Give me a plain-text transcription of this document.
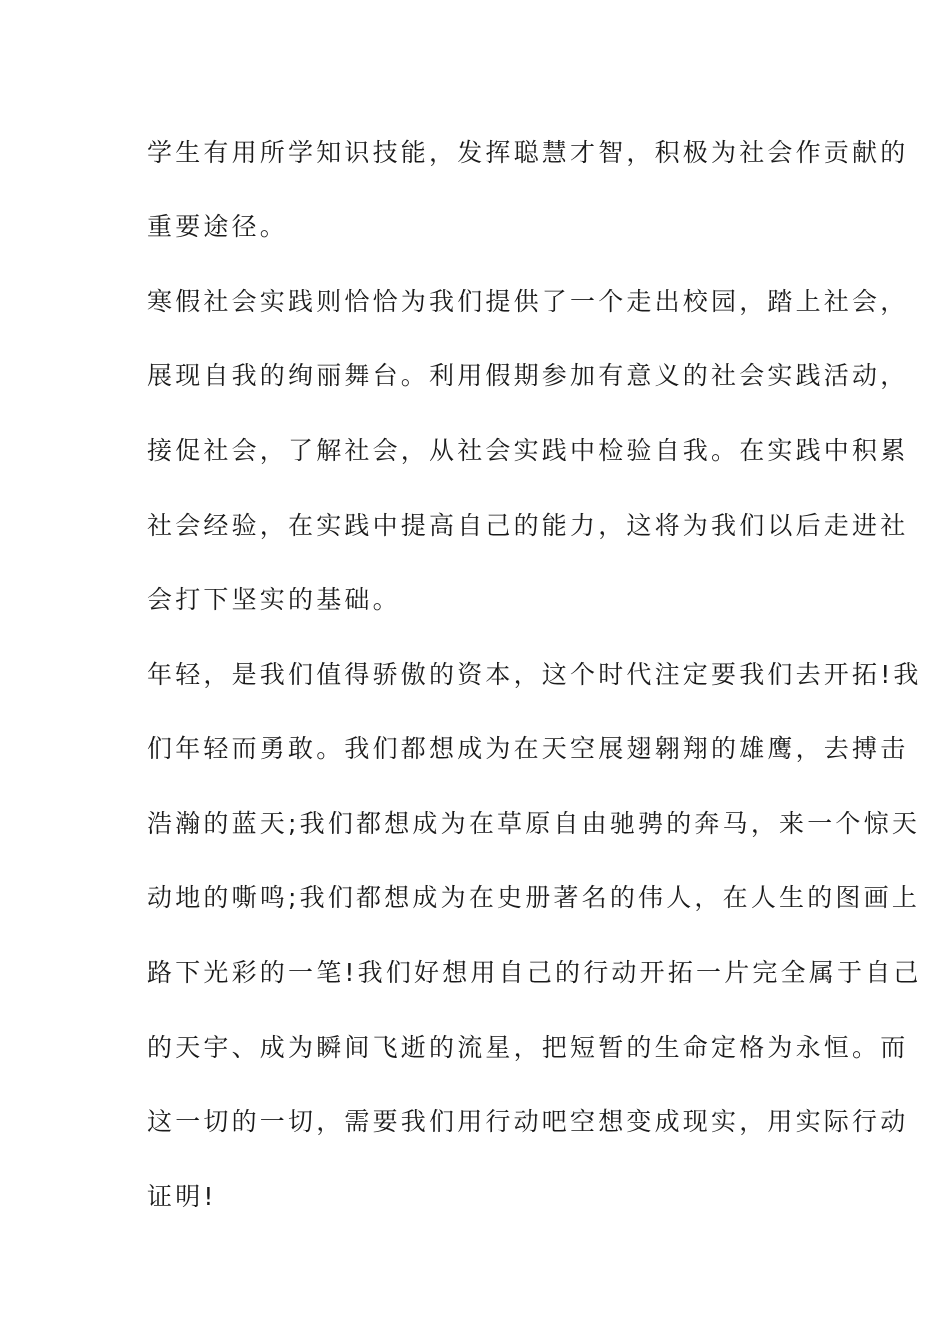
学生有用所学知识技能，发挥聪慧才智，积极为社会作贡献的
重要途径。
寒假社会实践则恰恰为我们提供了一个走出校园，踏上社会，
展现自我的绚丽舞台。利用假期参加有意义的社会实践活动，
接促社会，了解社会，从社会实践中检验自我。在实践中积累
社会经验，在实践中提高自己的能力，这将为我们以后走进社
会打下坚实的基础。
年轻，是我们值得骄傲的资本，这个时代注定要我们去开拓!我
们年轻而勇敢。我们都想成为在天空展翅翱翔的雄鹰，去搏击
浩瀚的蓝天;我们都想成为在草原自由驰骋的奔马，来一个惊天
动地的嘶鸣;我们都想成为在史册著名的伟人，在人生的图画上
路下光彩的一笔!我们好想用自己的行动开拓一片完全属于自己
的天宇、成为瞬间飞逝的流星，把短暂的生命定格为永恒。而
这一切的一切，需要我们用行动吧空想变成现实，用实际行动
证明!
